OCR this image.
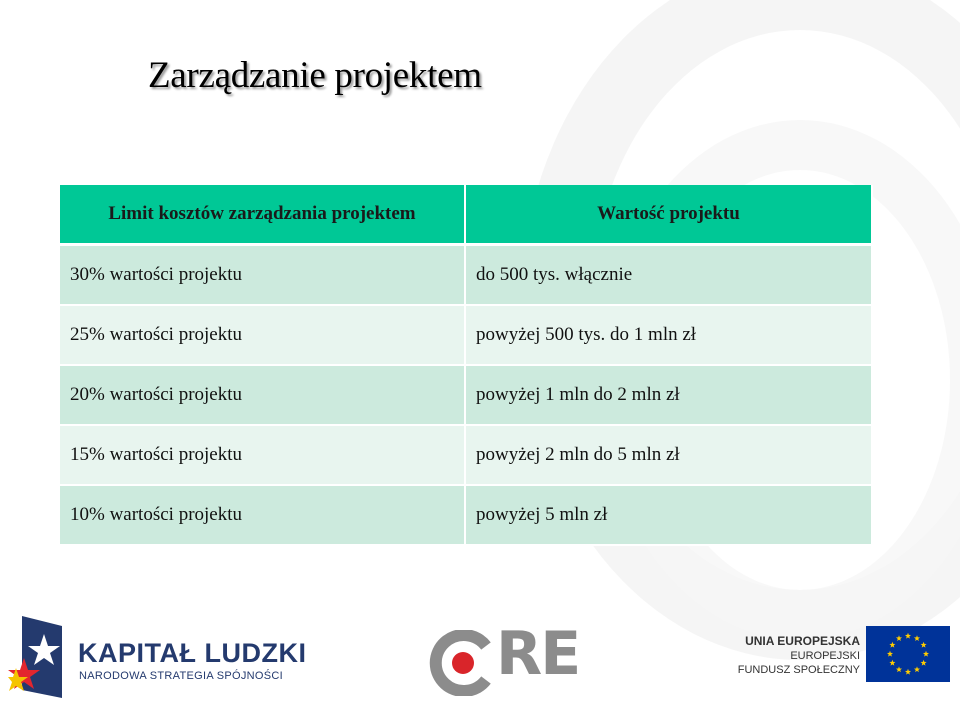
Zarządzanie projektem
Limit kosztów zarządzania projektem	Wartość projektu
30% wartości projektu	do 500 tys. włącznie
25% wartości projektu	powyżej 500 tys. do 1 mln zł
20% wartości projektu	powyżej 1 mln do 2 mln zł
15% wartości projektu	powyżej 2 mln do 5 mln zł
10% wartości projektu	powyżej 5 mln zł
KAPITAŁ LUDZKI
NARODOWA STRATEGIA SPÓJNOŚCI	RE	UNIA EUROPEJSKA
EUROPEJSKI
FUNDUSZ SPOŁECZNY
